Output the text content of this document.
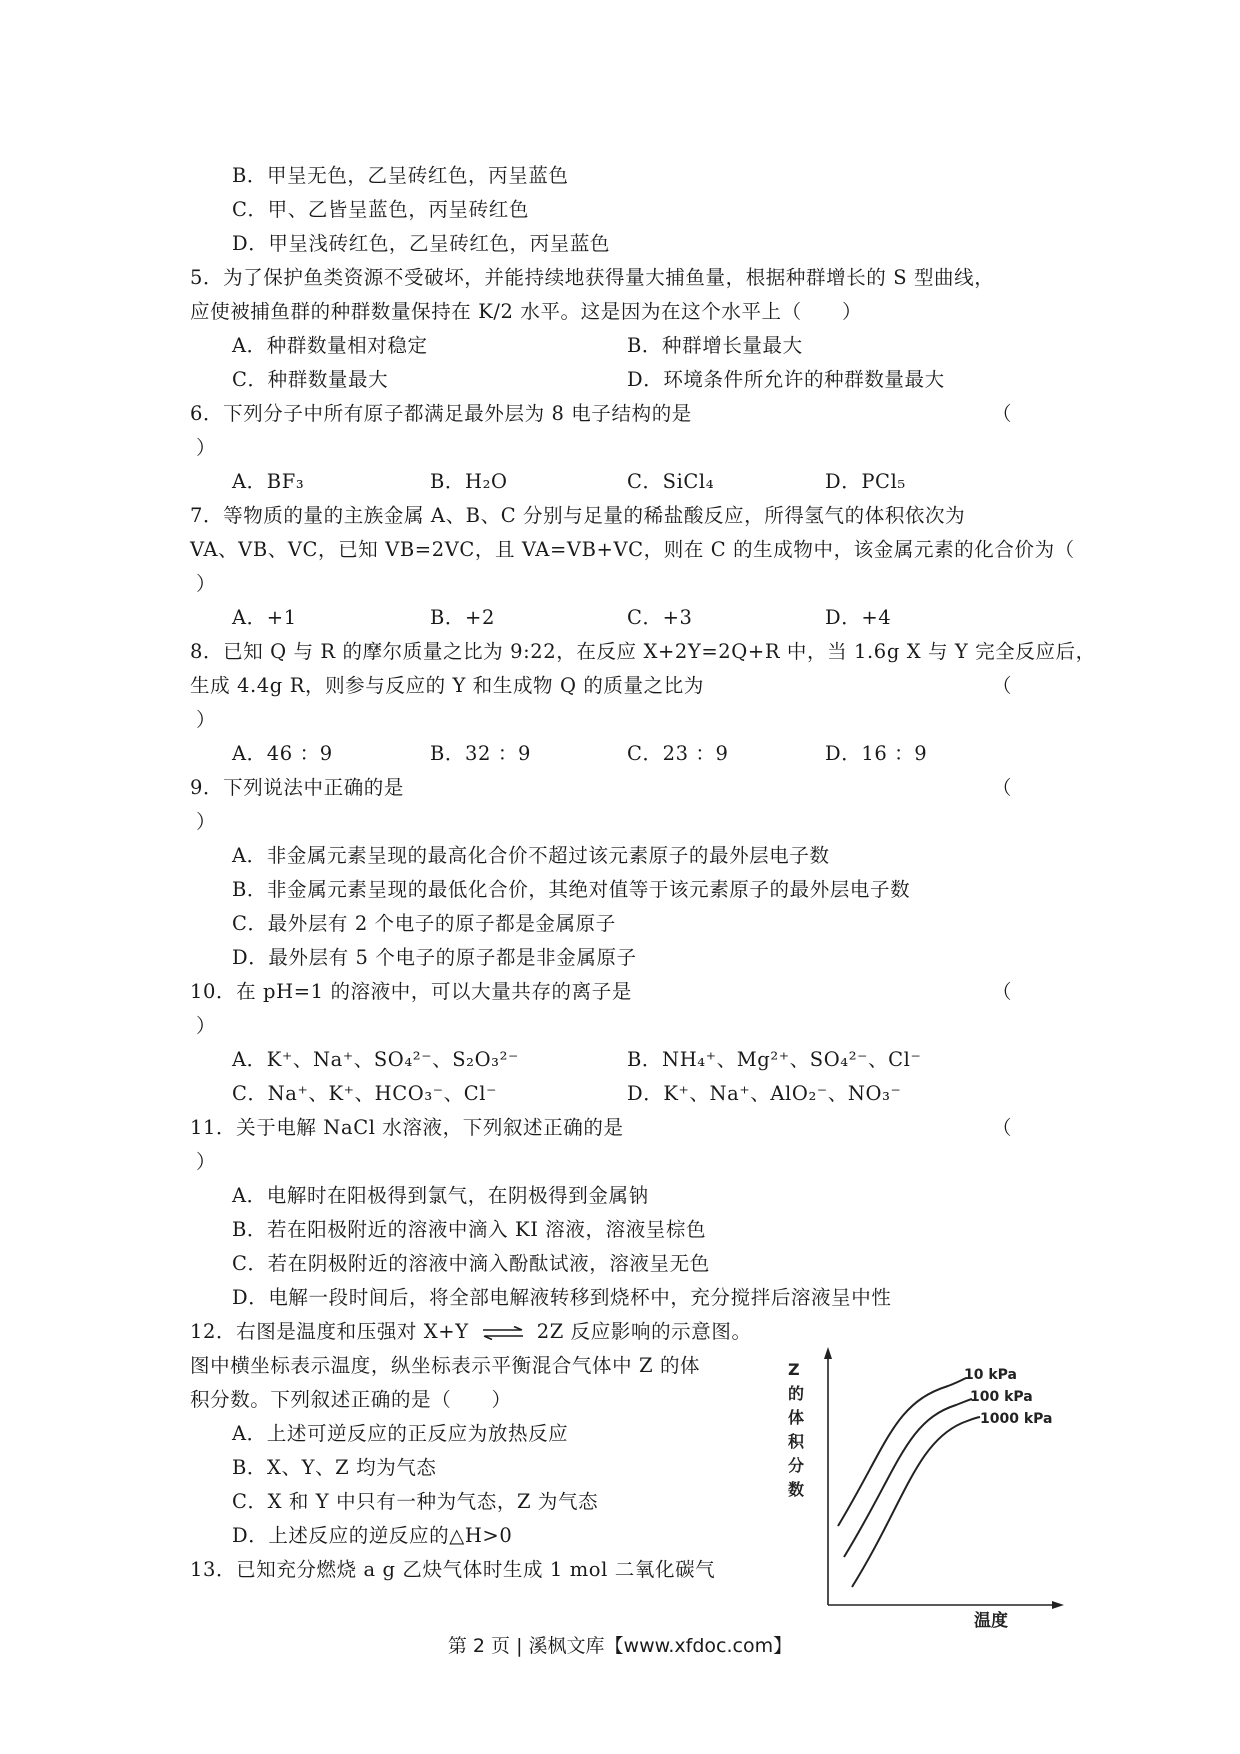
B．甲呈无色，乙呈砖红色，丙呈蓝色
C．甲、乙皆呈蓝色，丙呈砖红色
D．甲呈浅砖红色，乙呈砖红色，丙呈蓝色
5．为了保护鱼类资源不受破坏，并能持续地获得量大捕鱼量，根据种群增长的 S 型曲线，
应使被捕鱼群的种群数量保持在 K/2 水平。这是因为在这个水平上（　　）
A．种群数量相对稳定	B．种群增长量最大
C．种群数量最大	D．环境条件所允许的种群数量最大
6．下列分子中所有原子都满足最外层为 8 电子结构的是	（
）
A．BF₃	B．H₂O	C．SiCl₄	D．PCl₅
7．等物质的量的主族金属 A、B、C 分别与足量的稀盐酸反应，所得氢气的体积依次为
VA、VB、VC，已知 VB=2VC，且 VA=VB+VC，则在 C 的生成物中，该金属元素的化合价为（
）
A．+1	B．+2	C．+3	D．+4
8．已知 Q 与 R 的摩尔质量之比为 9:22，在反应 X+2Y=2Q+R 中，当 1.6g X 与 Y 完全反应后，
生成 4.4g R，则参与反应的 Y 和生成物 Q 的质量之比为	（
）
A．46 ：9	B．32 ：9	C．23 ：9	D．16 ：9
9．下列说法中正确的是	（
）
A．非金属元素呈现的最高化合价不超过该元素原子的最外层电子数
B．非金属元素呈现的最低化合价，其绝对值等于该元素原子的最外层电子数
C．最外层有 2 个电子的原子都是金属原子
D．最外层有 5 个电子的原子都是非金属原子
10．在 pH=1 的溶液中，可以大量共存的离子是	（
）
A．K⁺、Na⁺、SO₄²⁻、S₂O₃²⁻	B．NH₄⁺、Mg²⁺、SO₄²⁻、Cl⁻
C．Na⁺、K⁺、HCO₃⁻、Cl⁻	D．K⁺、Na⁺、AlO₂⁻、NO₃⁻
11．关于电解 NaCl 水溶液，下列叙述正确的是	（
）
A．电解时在阳极得到氯气，在阴极得到金属钠
B．若在阳极附近的溶液中滴入 KI 溶液，溶液呈棕色
C．若在阴极附近的溶液中滴入酚酞试液，溶液呈无色
D．电解一段时间后，将全部电解液转移到烧杯中，充分搅拌后溶液呈中性
12．右图是温度和压强对 X+Y ⇌ 2Z 反应影响的示意图。
图中横坐标表示温度，纵坐标表示平衡混合气体中 Z 的体
积分数。下列叙述正确的是（　　）
A．上述可逆反应的正反应为放热反应
B．X、Y、Z 均为气态
C．X 和 Y 中只有一种为气态，Z 为气态
D．上述反应的逆反应的△H>0
13．已知充分燃烧 a g 乙炔气体时生成 1 mol 二氧化碳气
Z
的
体
积
分
数
温度
10 kPa
100 kPa
1000 kPa
第 2 页 | 溪枫文库【www.xfdoc.com】
